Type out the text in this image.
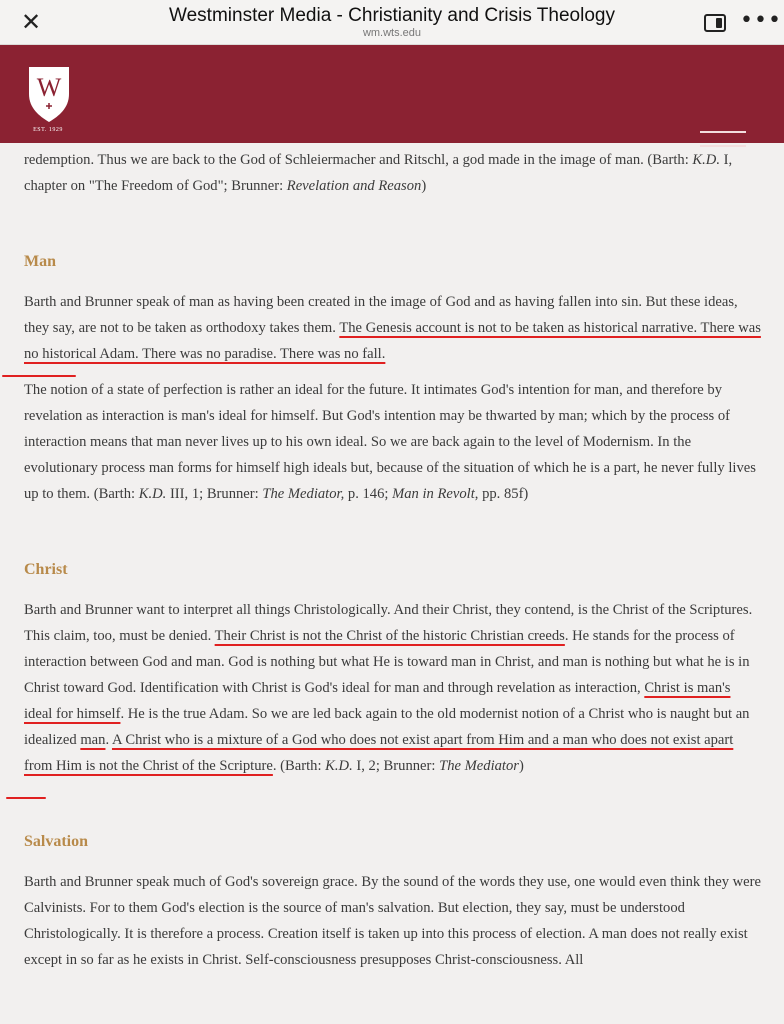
✕	Westminster Media - Christianity and Crisis Theology
wm.wts.edu	•••
W
EST. 1929

redemption. Thus we are back to the God of Schleiermacher and Ritschl, a god made in the image of man. (Barth: K.D. I, chapter on "The Freedom of God"; Brunner: Revelation and Reason)

Man

Barth and Brunner speak of man as having been created in the image of God and as having fallen into sin. But these ideas, they say, are not to be taken as orthodoxy takes them. The Genesis account is not to be taken as historical narrative. There was no historical Adam. There was no paradise. There was no fall.

The notion of a state of perfection is rather an ideal for the future. It intimates God's intention for man, and therefore by revelation as interaction is man's ideal for himself. But God's intention may be thwarted by man; which by the process of interaction means that man never lives up to his own ideal. So we are back again to the level of Modernism. In the evolutionary process man forms for himself high ideals but, because of the situation of which he is a part, he never fully lives up to them. (Barth: K.D. III, 1; Brunner: The Mediator, p. 146; Man in Revolt, pp. 85f)

Christ

Barth and Brunner want to interpret all things Christologically. And their Christ, they contend, is the Christ of the Scriptures. This claim, too, must be denied. Their Christ is not the Christ of the historic Christian creeds. He stands for the process of interaction between God and man. God is nothing but what He is toward man in Christ, and man is nothing but what he is in Christ toward God. Identification with Christ is God's ideal for man and through revelation as interaction, Christ is man's ideal for himself. He is the true Adam. So we are led back again to the old modernist notion of a Christ who is naught but an idealized man. A Christ who is a mixture of a God who does not exist apart from Him and a man who does not exist apart from Him is not the Christ of the Scripture. (Barth: K.D. I, 2; Brunner: The Mediator)

Salvation

Barth and Brunner speak much of God's sovereign grace. By the sound of the words they use, one would even think they were Calvinists. For to them God's election is the source of man's salvation. But election, they say, must be understood Christologically. It is therefore a process. Creation itself is taken up into this process of election. A man does not really exist except in so far as he exists in Christ. Self-consciousness presupposes Christ-consciousness. All
